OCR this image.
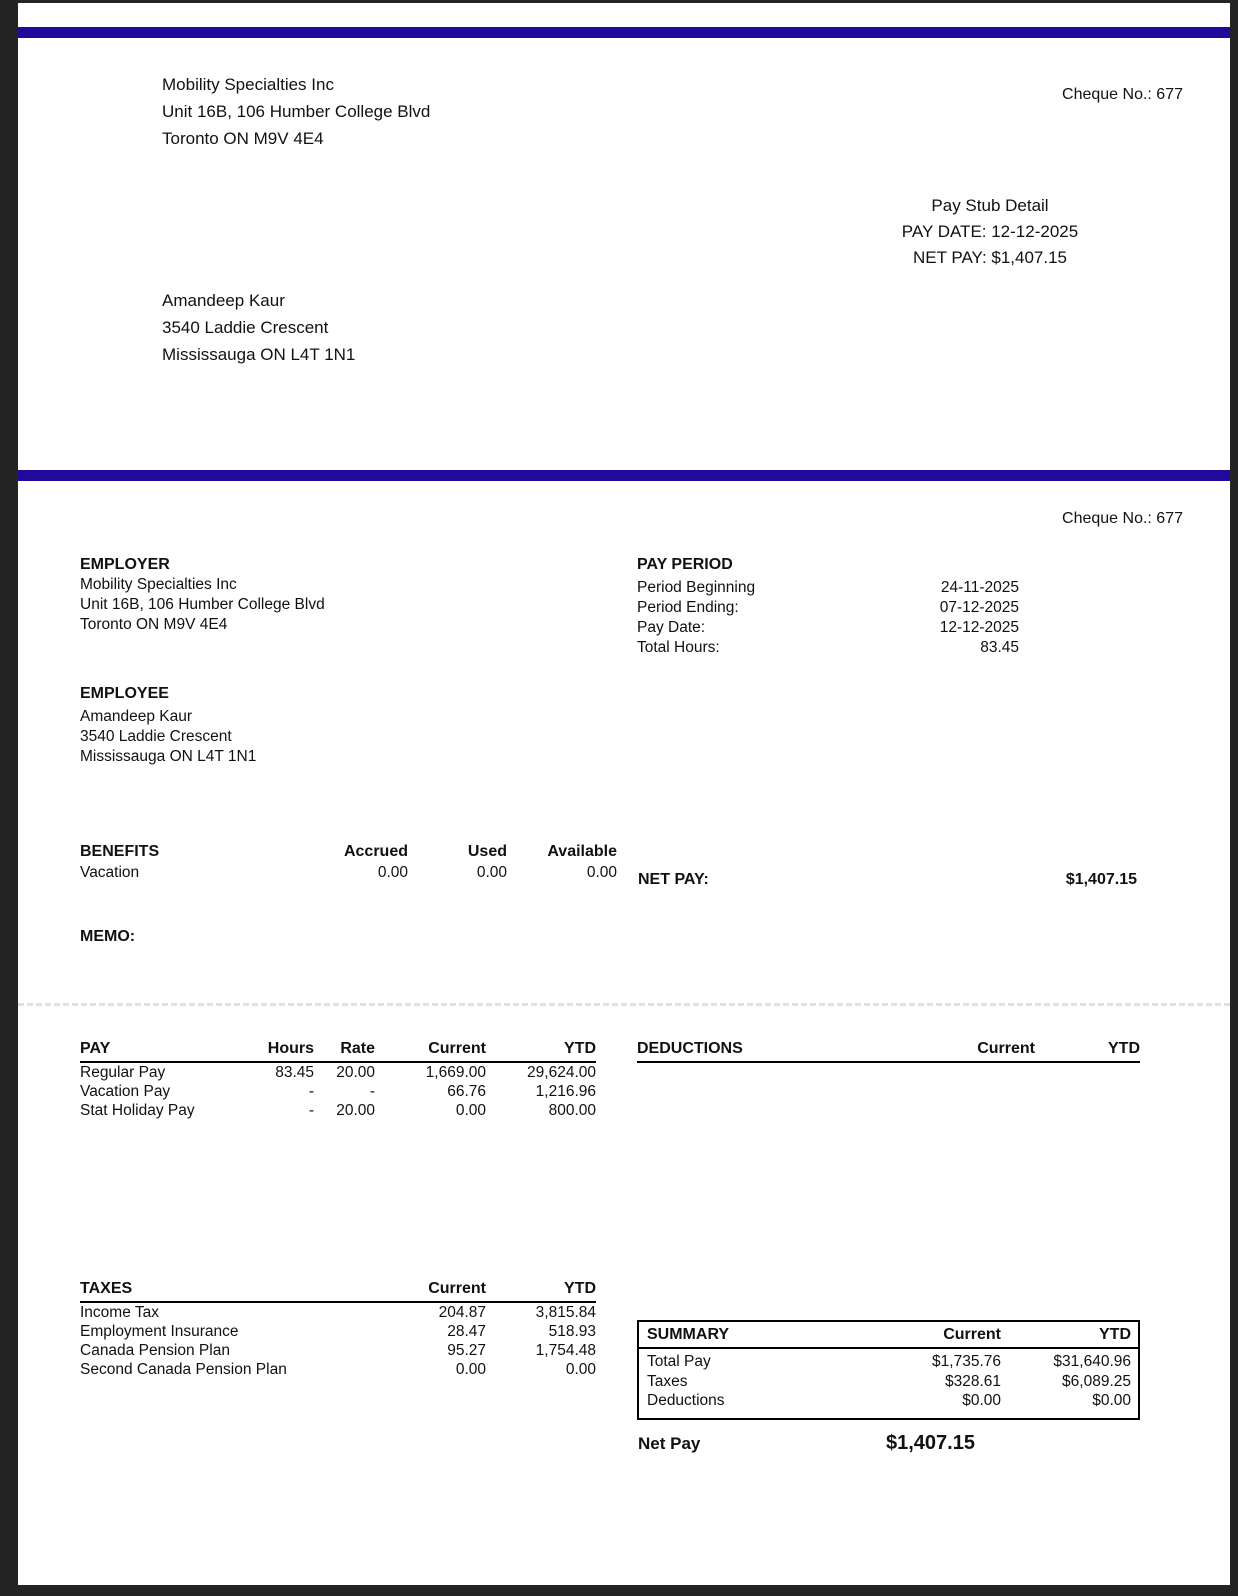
Mobility Specialties Inc
Unit 16B, 106 Humber College Blvd
Toronto ON M9V 4E4
Cheque No.: 677
Pay Stub Detail
PAY DATE: 12-12-2025
NET PAY: $1,407.15
Amandeep Kaur
3540 Laddie Crescent
Mississauga ON L4T 1N1
Cheque No.: 677
EMPLOYER
Mobility Specialties Inc
Unit 16B, 106 Humber College Blvd
Toronto ON M9V 4E4
PAY PERIOD
Period Beginning	24-11-2025
Period Ending:	07-12-2025
Pay Date:	12-12-2025
Total Hours:	83.45
EMPLOYEE
Amandeep Kaur
3540 Laddie Crescent
Mississauga ON L4T 1N1
BENEFITS	Accrued	Used	Available
Vacation	0.00	0.00	0.00 NET PAY:	$1,407.15
MEMO:
PAY	Hours	Rate	Current	YTD
Regular Pay	83.45	20.00	1,669.00	29,624.00
Vacation Pay	-	-	66.76	1,216.96
Stat Holiday Pay	-	20.00	0.00	800.00
DEDUCTIONS	Current	YTD
TAXES	Current	YTD
Income Tax	204.87	3,815.84
Employment Insurance	28.47	518.93
Canada Pension Plan	95.27	1,754.48
Second Canada Pension Plan	0.00	0.00
SUMMARY	Current	YTD
Total Pay	$1,735.76	$31,640.96
Taxes	$328.61	$6,089.25
Deductions	$0.00	$0.00
Net Pay	$1,407.15
